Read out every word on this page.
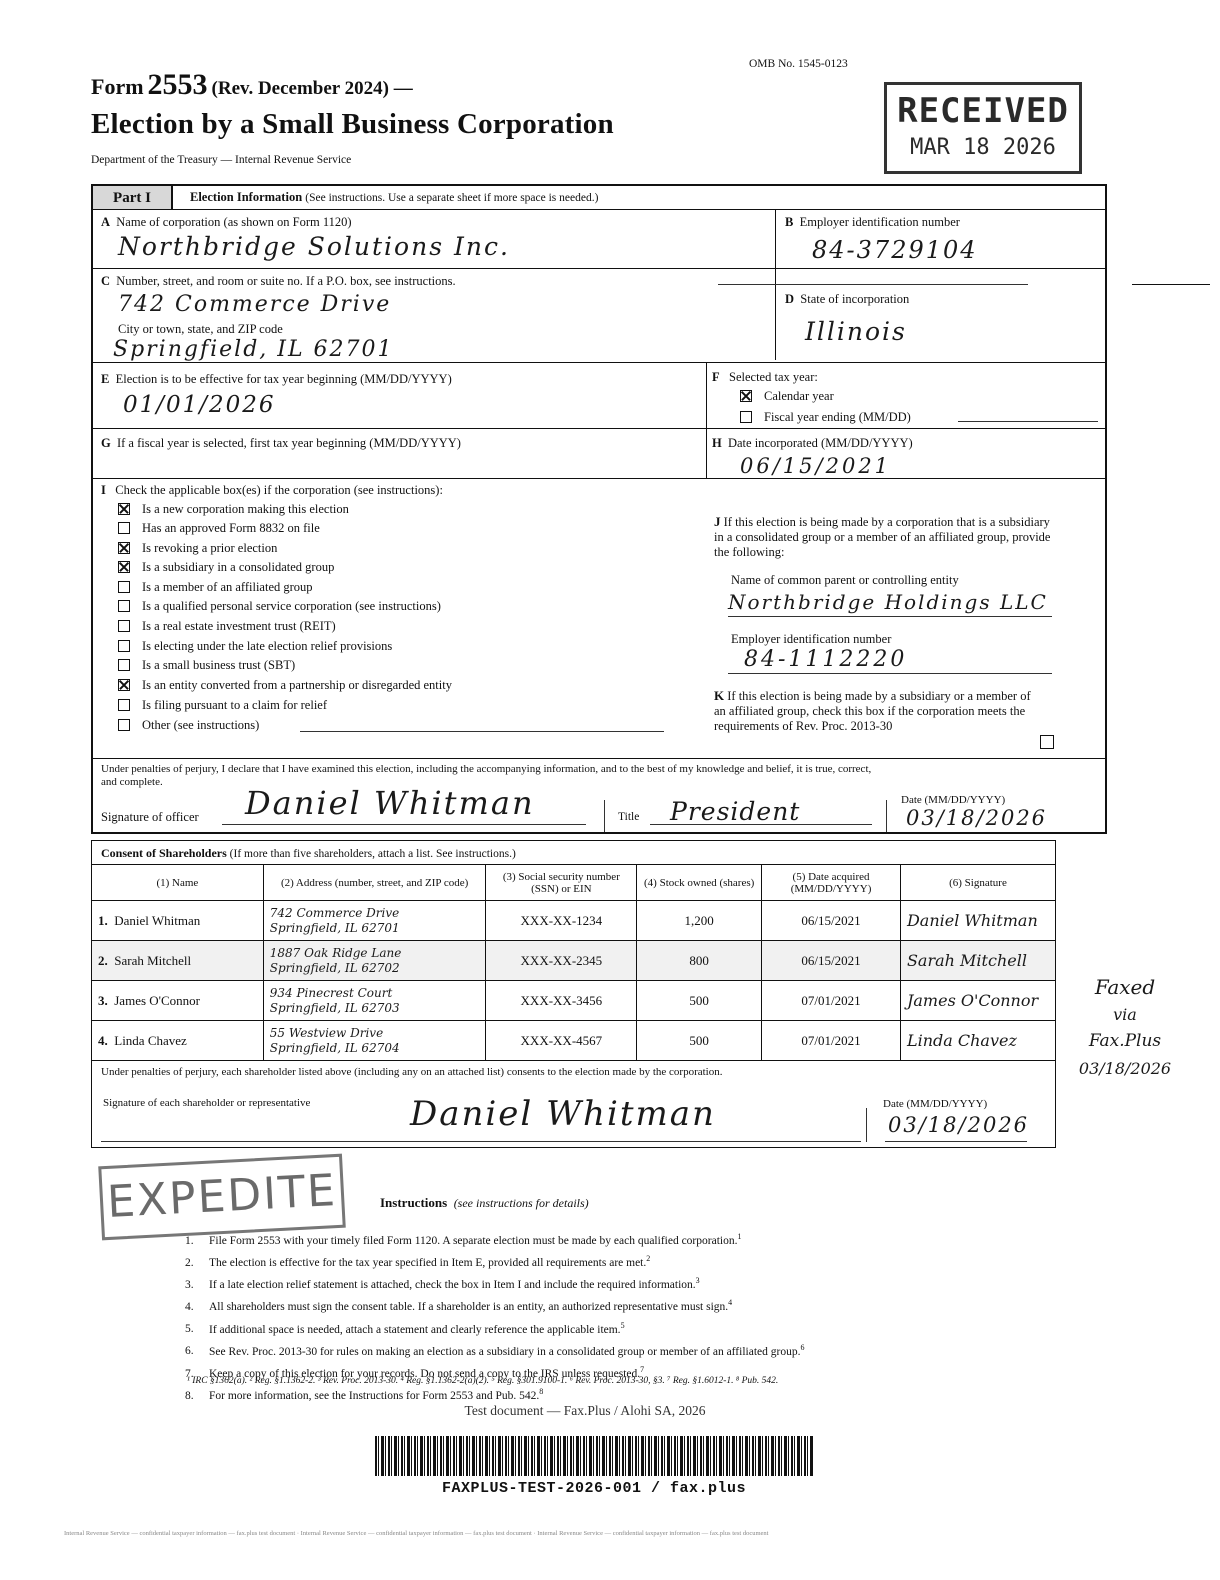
Form 2553 (Rev. December 2024) —
Election by a Small Business Corporation
Department of the Treasury — Internal Revenue Service
OMB No. 1545-0123
RECEIVED
MAR 18 2026
Part I	Election Information (See instructions. Use a separate sheet if more space is needed.)
A Name of corporation (as shown on Form 1120)
Northbridge Solutions Inc.
B Employer identification number
84-3729104
C Number, street, and room or suite no. If a P.O. box, see instructions.
742 Commerce Drive
City or town, state, and ZIP code
Springfield, IL 62701
D State of incorporation
Illinois
E Election is to be effective for tax year beginning (MM/DD/YYYY)
01/01/2026
F Selected tax year:
Calendar year
Fiscal year ending (MM/DD)
G If a fiscal year is selected, first tax year beginning (MM/DD/YYYY)	H Date incorporated (MM/DD/YYYY)
06/15/2021
I Check the applicable box(es) if the corporation (see instructions):
Is a new corporation making this election
Has an approved Form 8832 on file
Is revoking a prior election
Is a subsidiary in a consolidated group
Is a member of an affiliated group
Is a qualified personal service corporation (see instructions)
Is a real estate investment trust (REIT)
Is electing under the late election relief provisions
Is a small business trust (SBT)
Is an entity converted from a partnership or disregarded entity
Is filing pursuant to a claim for relief
Other (see instructions)
J If this election is being made by a corporation that is a subsidiary in a consolidated group or a member of an affiliated group, provide the following:
Name of common parent or controlling entity
Northbridge Holdings LLC
Employer identification number
84-1112220
K If this election is being made by a subsidiary or a member of an affiliated group, check this box if the corporation meets the requirements of Rev. Proc. 2013-30
Under penalties of perjury, I declare that I have examined this election, including the accompanying information, and to the best of my knowledge and belief, it is true, correct, and complete.
Signature of officer Daniel Whitman	Title President	Date (MM/DD/YYYY)
03/18/2026
Consent of Shareholders (If more than five shareholders, attach a list. See instructions.)
(1) Name	(2) Address (number, street, and ZIP code)	(3) Social security number (SSN) or EIN	(4) Stock owned (shares)	(5) Date acquired (MM/DD/YYYY)	(6) Signature
1. Daniel Whitman	742 Commerce Drive
Springfield, IL 62701	XXX-XX-1234	1,200	06/15/2021	Daniel Whitman
2. Sarah Mitchell	1887 Oak Ridge Lane
Springfield, IL 62702	XXX-XX-2345	800	06/15/2021	Sarah Mitchell
3. James O'Connor	934 Pinecrest Court
Springfield, IL 62703	XXX-XX-3456	500	07/01/2021	James O'Connor
4. Linda Chavez	55 Westview Drive
Springfield, IL 62704	XXX-XX-4567	500	07/01/2021	Linda Chavez
Under penalties of perjury, each shareholder listed above (including any on an attached list) consents to the election made by the corporation.
Signature of each shareholder or representative	Daniel Whitman	Date (MM/DD/YYYY)
03/18/2026
Faxed
via
Fax.Plus
03/18/2026
EXPEDITE	Instructions (see instructions for details)
1. File Form 2553 with your timely filed Form 1120. A separate election must be made by each qualified corporation.$^1$
2. The election is effective for the tax year specified in Item E, provided all requirements are met.$^2$
3. If a late election relief statement is attached, check the box in Item I and include the required information.$^3$
4. All shareholders must sign the consent table. If a shareholder is an entity, an authorized representative must sign.$^4$
5. If additional space is needed, attach a statement and clearly reference the applicable item.$^5$
6. See Rev. Proc. 2013-30 for rules on making an election as a subsidiary in a consolidated group or member of an affiliated group.$^6$
7. Keep a copy of this election for your records. Do not send a copy to the IRS unless requested.$^7$
8. For more information, see the Instructions for Form 2553 and Pub. 542.$^8$
¹ IRC §1362(a). ² Reg. §1.1362-2. ³ Rev. Proc. 2013-30. ⁴ Reg. §1.1362-2(a)(2). ⁵ Reg. §301.9100-1. ⁶ Rev. Proc. 2013-30, §3. ⁷ Reg. §1.6012-1. ⁸ Pub. 542.
Test document — Fax.Plus / Alohi SA, 2026
FAXPLUS-TEST-2026-001 / fax.plus
Internal Revenue Service — confidential taxpayer information — fax.plus test document · Internal Revenue Service — confidential taxpayer information — fax.plus test document · Internal Revenue Service — confidential taxpayer information — fax.plus test document
